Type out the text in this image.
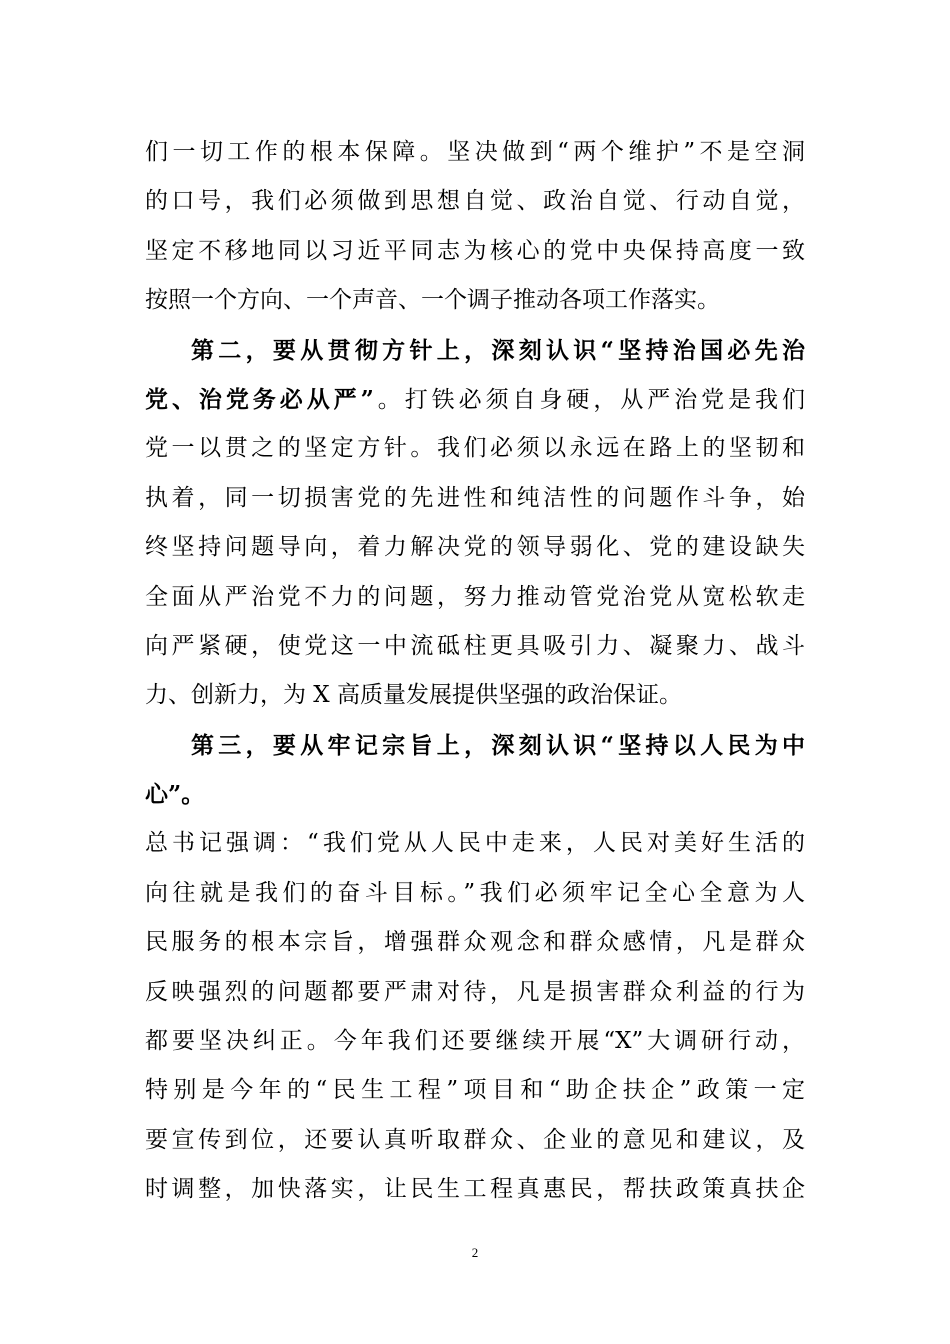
们一切工作的根本保障。坚决做到“两个维护”不是空洞
的口号，我们必须做到思想自觉、政治自觉、行动自觉，
坚定不移地同以习近平同志为核心的党中央保持高度一致
按照一个方向、一个声音、一个调子推动各项工作落实。
第二，要从贯彻方针上，深刻认识“坚持治国必先治
党、治党务必从严”。打铁必须自身硬，从严治党是我们
党一以贯之的坚定方针。我们必须以永远在路上的坚韧和
执着，同一切损害党的先进性和纯洁性的问题作斗争，始
终坚持问题导向，着力解决党的领导弱化、党的建设缺失
全面从严治党不力的问题，努力推动管党治党从宽松软走
向严紧硬，使党这一中流砥柱更具吸引力、凝聚力、战斗
力、创新力，为 X 高质量发展提供坚强的政治保证。
第三，要从牢记宗旨上，深刻认识“坚持以人民为中
心”。
总书记强调：“我们党从人民中走来，人民对美好生活的
向往就是我们的奋斗目标。”我们必须牢记全心全意为人
民服务的根本宗旨，增强群众观念和群众感情，凡是群众
反映强烈的问题都要严肃对待，凡是损害群众利益的行为
都要坚决纠正。今年我们还要继续开展“X”大调研行动，
特别是今年的“民生工程”项目和“助企扶企”政策一定
要宣传到位，还要认真听取群众、企业的意见和建议，及
时调整，加快落实，让民生工程真惠民，帮扶政策真扶企
2
